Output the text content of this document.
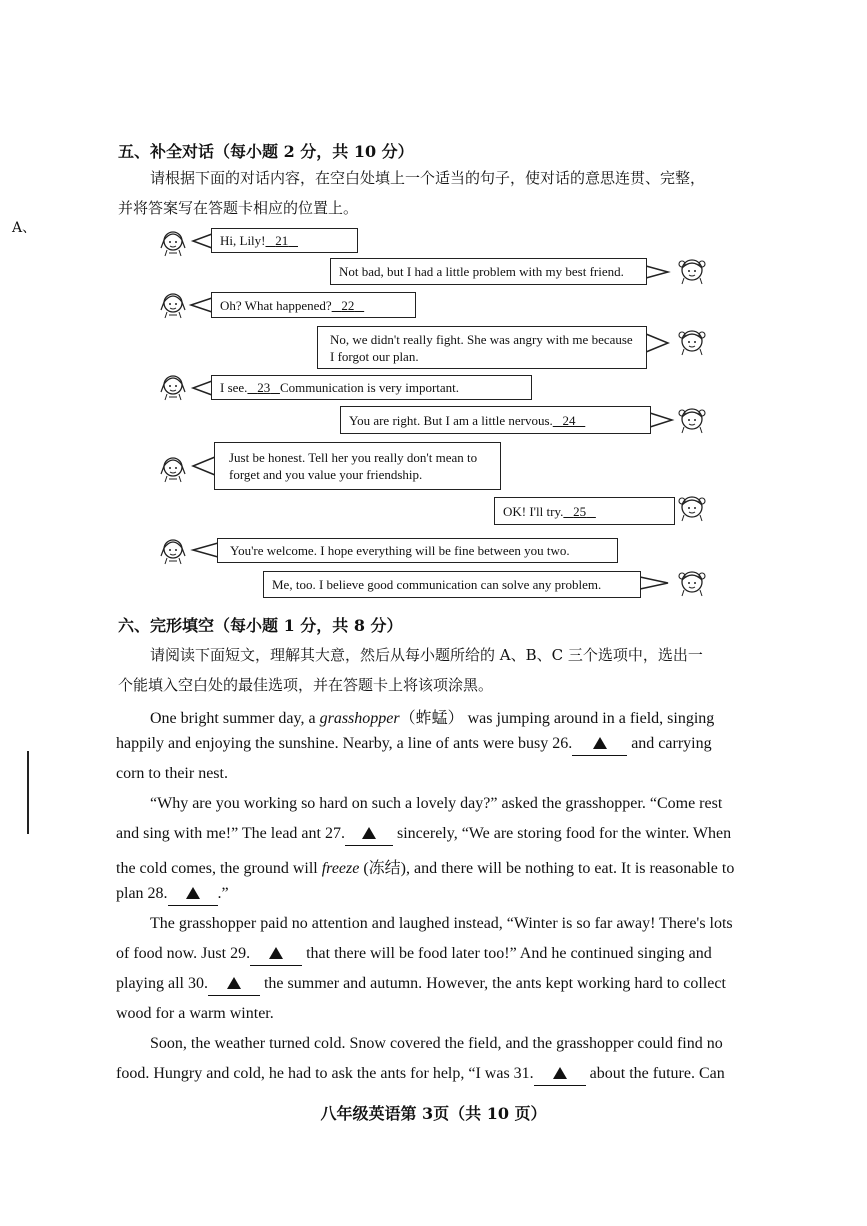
五、补全对话（每小题 2 分，共 10 分）
请根据下面的对话内容，在空白处填上一个适当的句子，使对话的意思连贯、完整，
并将答案写在答题卡相应的位置上。
A、
Hi, Lily! 21
Not bad, but I had a little problem with my best friend.
Oh? What happened? 22
No, we didn't really fight. She was angry with me because I forgot our plan.
I see. 23 Communication is very important.
You are right. But I am a little nervous. 24
Just be honest. Tell her you really don't mean to forget and you value your friendship.
OK! I'll try. 25
You're welcome. I hope everything will be fine between you two.
Me, too. I believe good communication can solve any problem.
六、完形填空（每小题 1 分，共 8 分）
请阅读下面短文，理解其大意，然后从每小题所给的 A、B、C 三个选项中，选出一
个能填入空白处的最佳选项，并在答题卡上将该项涂黑。
One bright summer day, a grasshopper（蚱蜢） was jumping around in a field, singing
happily and enjoying the sunshine. Nearby, a line of ants were busy 26.	and carrying
corn to their nest.
“Why are you working so hard on such a lovely day?” asked the grasshopper. “Come rest
and sing with me!” The lead ant 27.	sincerely, “We are storing food for the winter. When
the cold comes, the ground will freeze (冻结), and there will be nothing to eat. It is reasonable to
plan 28.	.”
The grasshopper paid no attention and laughed instead, “Winter is so far away! There's lots
of food now. Just 29.	that there will be food later too!” And he continued singing and
playing all 30.	the summer and autumn. However, the ants kept working hard to collect
wood for a warm winter.
Soon, the weather turned cold. Snow covered the field, and the grasshopper could find no
food. Hungry and cold, he had to ask the ants for help, “I was 31.	about the future. Can
八年级英语第 3页（共 10 页）
